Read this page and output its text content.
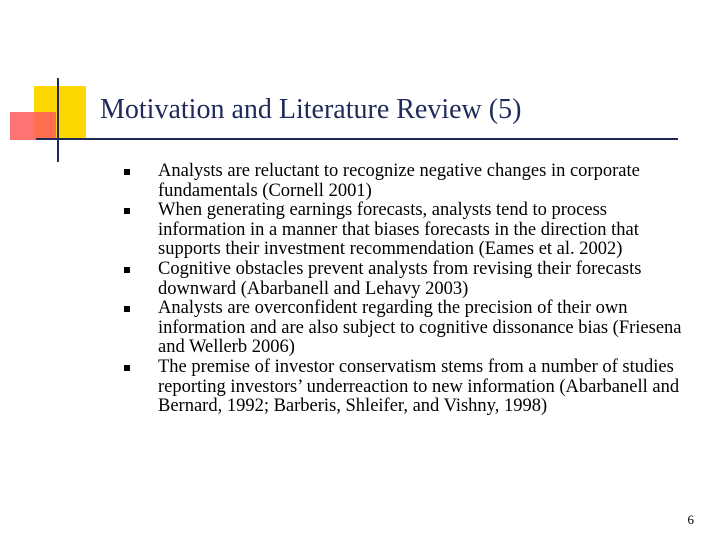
Motivation and Literature Review (5)
Analysts are reluctant to recognize negative changes in corporate fundamentals (Cornell 2001)
When generating earnings forecasts, analysts tend to process information in a manner that biases forecasts in the direction that supports their investment recommendation (Eames et al. 2002)
Cognitive obstacles prevent analysts from revising their forecasts downward (Abarbanell and Lehavy 2003)
Analysts are overconfident regarding the precision of their own information and are also subject to cognitive dissonance bias (Friesena and Wellerb 2006)
The premise of investor conservatism stems from a number of studies reporting investors’ underreaction to new information (Abarbanell and Bernard, 1992; Barberis, Shleifer, and Vishny, 1998)
6
